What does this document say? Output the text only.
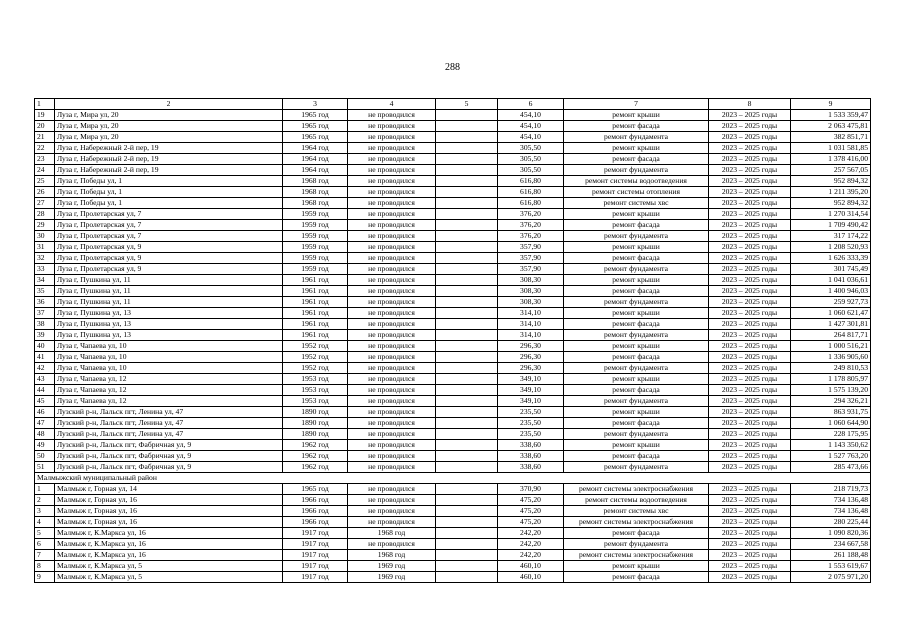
288
1	2	3	4	5	6	7	8	9
19	Луза г, Мира ул, 20	1965 год	не проводился		454,10	ремонт крыши	2023 – 2025 годы	1 533 359,47
20	Луза г, Мира ул, 20	1965 год	не проводился		454,10	ремонт фасада	2023 – 2025 годы	2 063 475,81
21	Луза г, Мира ул, 20	1965 год	не проводился		454,10	ремонт фундамента	2023 – 2025 годы	382 851,71
22	Луза г, Набережный 2-й пер, 19	1964 год	не проводился		305,50	ремонт крыши	2023 – 2025 годы	1 031 581,85
23	Луза г, Набережный 2-й пер, 19	1964 год	не проводился		305,50	ремонт фасада	2023 – 2025 годы	1 378 416,00
24	Луза г, Набережный 2-й пер, 19	1964 год	не проводился		305,50	ремонт фундамента	2023 – 2025 годы	257 567,05
25	Луза г, Победы ул, 1	1968 год	не проводился		616,80	ремонт системы водоотведения	2023 – 2025 годы	952 894,32
26	Луза г, Победы ул, 1	1968 год	не проводился		616,80	ремонт системы отопления	2023 – 2025 годы	1 211 395,20
27	Луза г, Победы ул, 1	1968 год	не проводился		616,80	ремонт системы хвс	2023 – 2025 годы	952 894,32
28	Луза г, Пролетарская ул, 7	1959 год	не проводился		376,20	ремонт крыши	2023 – 2025 годы	1 270 314,54
29	Луза г, Пролетарская ул, 7	1959 год	не проводился		376,20	ремонт фасада	2023 – 2025 годы	1 709 490,42
30	Луза г, Пролетарская ул, 7	1959 год	не проводился		376,20	ремонт фундамента	2023 – 2025 годы	317 174,22
31	Луза г, Пролетарская ул, 9	1959 год	не проводился		357,90	ремонт крыши	2023 – 2025 годы	1 208 520,93
32	Луза г, Пролетарская ул, 9	1959 год	не проводился		357,90	ремонт фасада	2023 – 2025 годы	1 626 333,39
33	Луза г, Пролетарская ул, 9	1959 год	не проводился		357,90	ремонт фундамента	2023 – 2025 годы	301 745,49
34	Луза г, Пушкина ул, 11	1961 год	не проводился		308,30	ремонт крыши	2023 – 2025 годы	1 041 036,61
35	Луза г, Пушкина ул, 11	1961 год	не проводился		308,30	ремонт фасада	2023 – 2025 годы	1 400 946,03
36	Луза г, Пушкина ул, 11	1961 год	не проводился		308,30	ремонт фундамента	2023 – 2025 годы	259 927,73
37	Луза г, Пушкина ул, 13	1961 год	не проводился		314,10	ремонт крыши	2023 – 2025 годы	1 060 621,47
38	Луза г, Пушкина ул, 13	1961 год	не проводился		314,10	ремонт фасада	2023 – 2025 годы	1 427 301,81
39	Луза г, Пушкина ул, 13	1961 год	не проводился		314,10	ремонт фундамента	2023 – 2025 годы	264 817,71
40	Луза г, Чапаева ул, 10	1952 год	не проводился		296,30	ремонт крыши	2023 – 2025 годы	1 000 516,21
41	Луза г, Чапаева ул, 10	1952 год	не проводился		296,30	ремонт фасада	2023 – 2025 годы	1 336 905,60
42	Луза г, Чапаева ул, 10	1952 год	не проводился		296,30	ремонт фундамента	2023 – 2025 годы	249 810,53
43	Луза г, Чапаева ул, 12	1953 год	не проводился		349,10	ремонт крыши	2023 – 2025 годы	1 178 805,97
44	Луза г, Чапаева ул, 12	1953 год	не проводился		349,10	ремонт фасада	2023 – 2025 годы	1 575 139,20
45	Луза г, Чапаева ул, 12	1953 год	не проводился		349,10	ремонт фундамента	2023 – 2025 годы	294 326,21
46	Лузский р-н, Лальск пгт, Ленина ул, 47	1890 год	не проводился		235,50	ремонт крыши	2023 – 2025 годы	863 931,75
47	Лузский р-н, Лальск пгт, Ленина ул, 47	1890 год	не проводился		235,50	ремонт фасада	2023 – 2025 годы	1 060 644,90
48	Лузский р-н, Лальск пгт, Ленина ул, 47	1890 год	не проводился		235,50	ремонт фундамента	2023 – 2025 годы	228 175,95
49	Лузский р-н, Лальск пгт, Фабричная ул, 9	1962 год	не проводился		338,60	ремонт крыши	2023 – 2025 годы	1 143 350,62
50	Лузский р-н, Лальск пгт, Фабричная ул, 9	1962 год	не проводился		338,60	ремонт фасада	2023 – 2025 годы	1 527 763,20
51	Лузский р-н, Лальск пгт, Фабричная ул, 9	1962 год	не проводился		338,60	ремонт фундамента	2023 – 2025 годы	285 473,66
Малмыжский муниципальный район								
1	Малмыж г, Горная ул, 14	1965 год	не проводился		370,90	ремонт системы электроснабжения	2023 – 2025 годы	218 719,73
2	Малмыж г, Горная ул, 16	1966 год	не проводился		475,20	ремонт системы водоотведения	2023 – 2025 годы	734 136,48
3	Малмыж г, Горная ул, 16	1966 год	не проводился		475,20	ремонт системы хвс	2023 – 2025 годы	734 136,48
4	Малмыж г, Горная ул, 16	1966 год	не проводился		475,20	ремонт системы электроснабжения	2023 – 2025 годы	280 225,44
5	Малмыж г, К.Маркса ул, 16	1917 год	1968 год		242,20	ремонт фасада	2023 – 2025 годы	1 090 820,36
6	Малмыж г, К.Маркса ул, 16	1917 год	не проводился		242,20	ремонт фундамента	2023 – 2025 годы	234 667,58
7	Малмыж г, К.Маркса ул, 16	1917 год	1968 год		242,20	ремонт системы электроснабжения	2023 – 2025 годы	261 188,48
8	Малмыж г, К.Маркса ул, 5	1917 год	1969 год		460,10	ремонт крыши	2023 – 2025 годы	1 553 619,67
9	Малмыж г, К.Маркса ул, 5	1917 год	1969 год		460,10	ремонт фасада	2023 – 2025 годы	2 075 971,20
